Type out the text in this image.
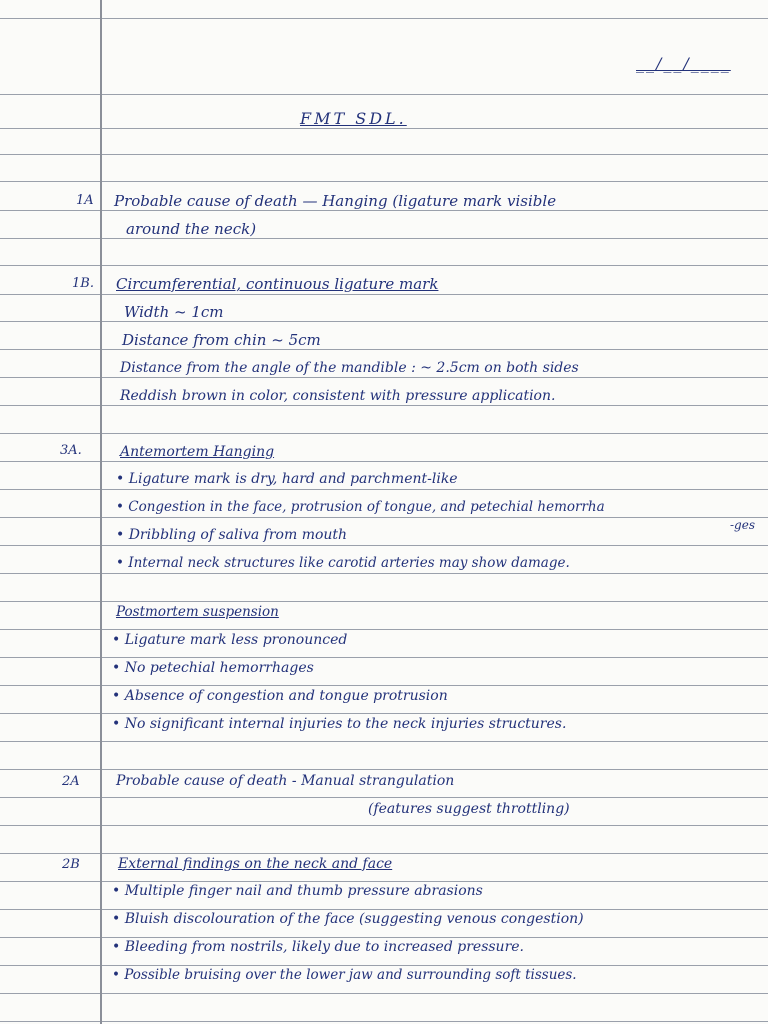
__/__/____
FMT SDL.
1A Probable cause of death — Hanging (ligature mark visible
around the neck)
1B. Circumferential, continuous ligature mark
Width ~ 1cm
Distance from chin ~ 5cm
Distance from the angle of the mandible : ~ 2.5cm on both sides
Reddish brown in color, consistent with pressure application.
3A.	Antemortem Hanging
• Ligature mark is dry, hard and parchment-like
• Congestion in the face, protrusion of tongue, and petechial hemorrha
-ges
• Dribbling of saliva from mouth
• Internal neck structures like carotid arteries may show damage.
Postmortem suspension
• Ligature mark less pronounced
• No petechial hemorrhages
• Absence of congestion and tongue protrusion
• No significant internal injuries to the neck injuries structures.
2A	Probable cause of death - Manual strangulation
(features suggest throttling)
2B	External findings on the neck and face
• Multiple finger nail and thumb pressure abrasions
• Bluish discolouration of the face (suggesting venous congestion)
• Bleeding from nostrils, likely due to increased pressure.
• Possible bruising over the lower jaw and surrounding soft tissues.
